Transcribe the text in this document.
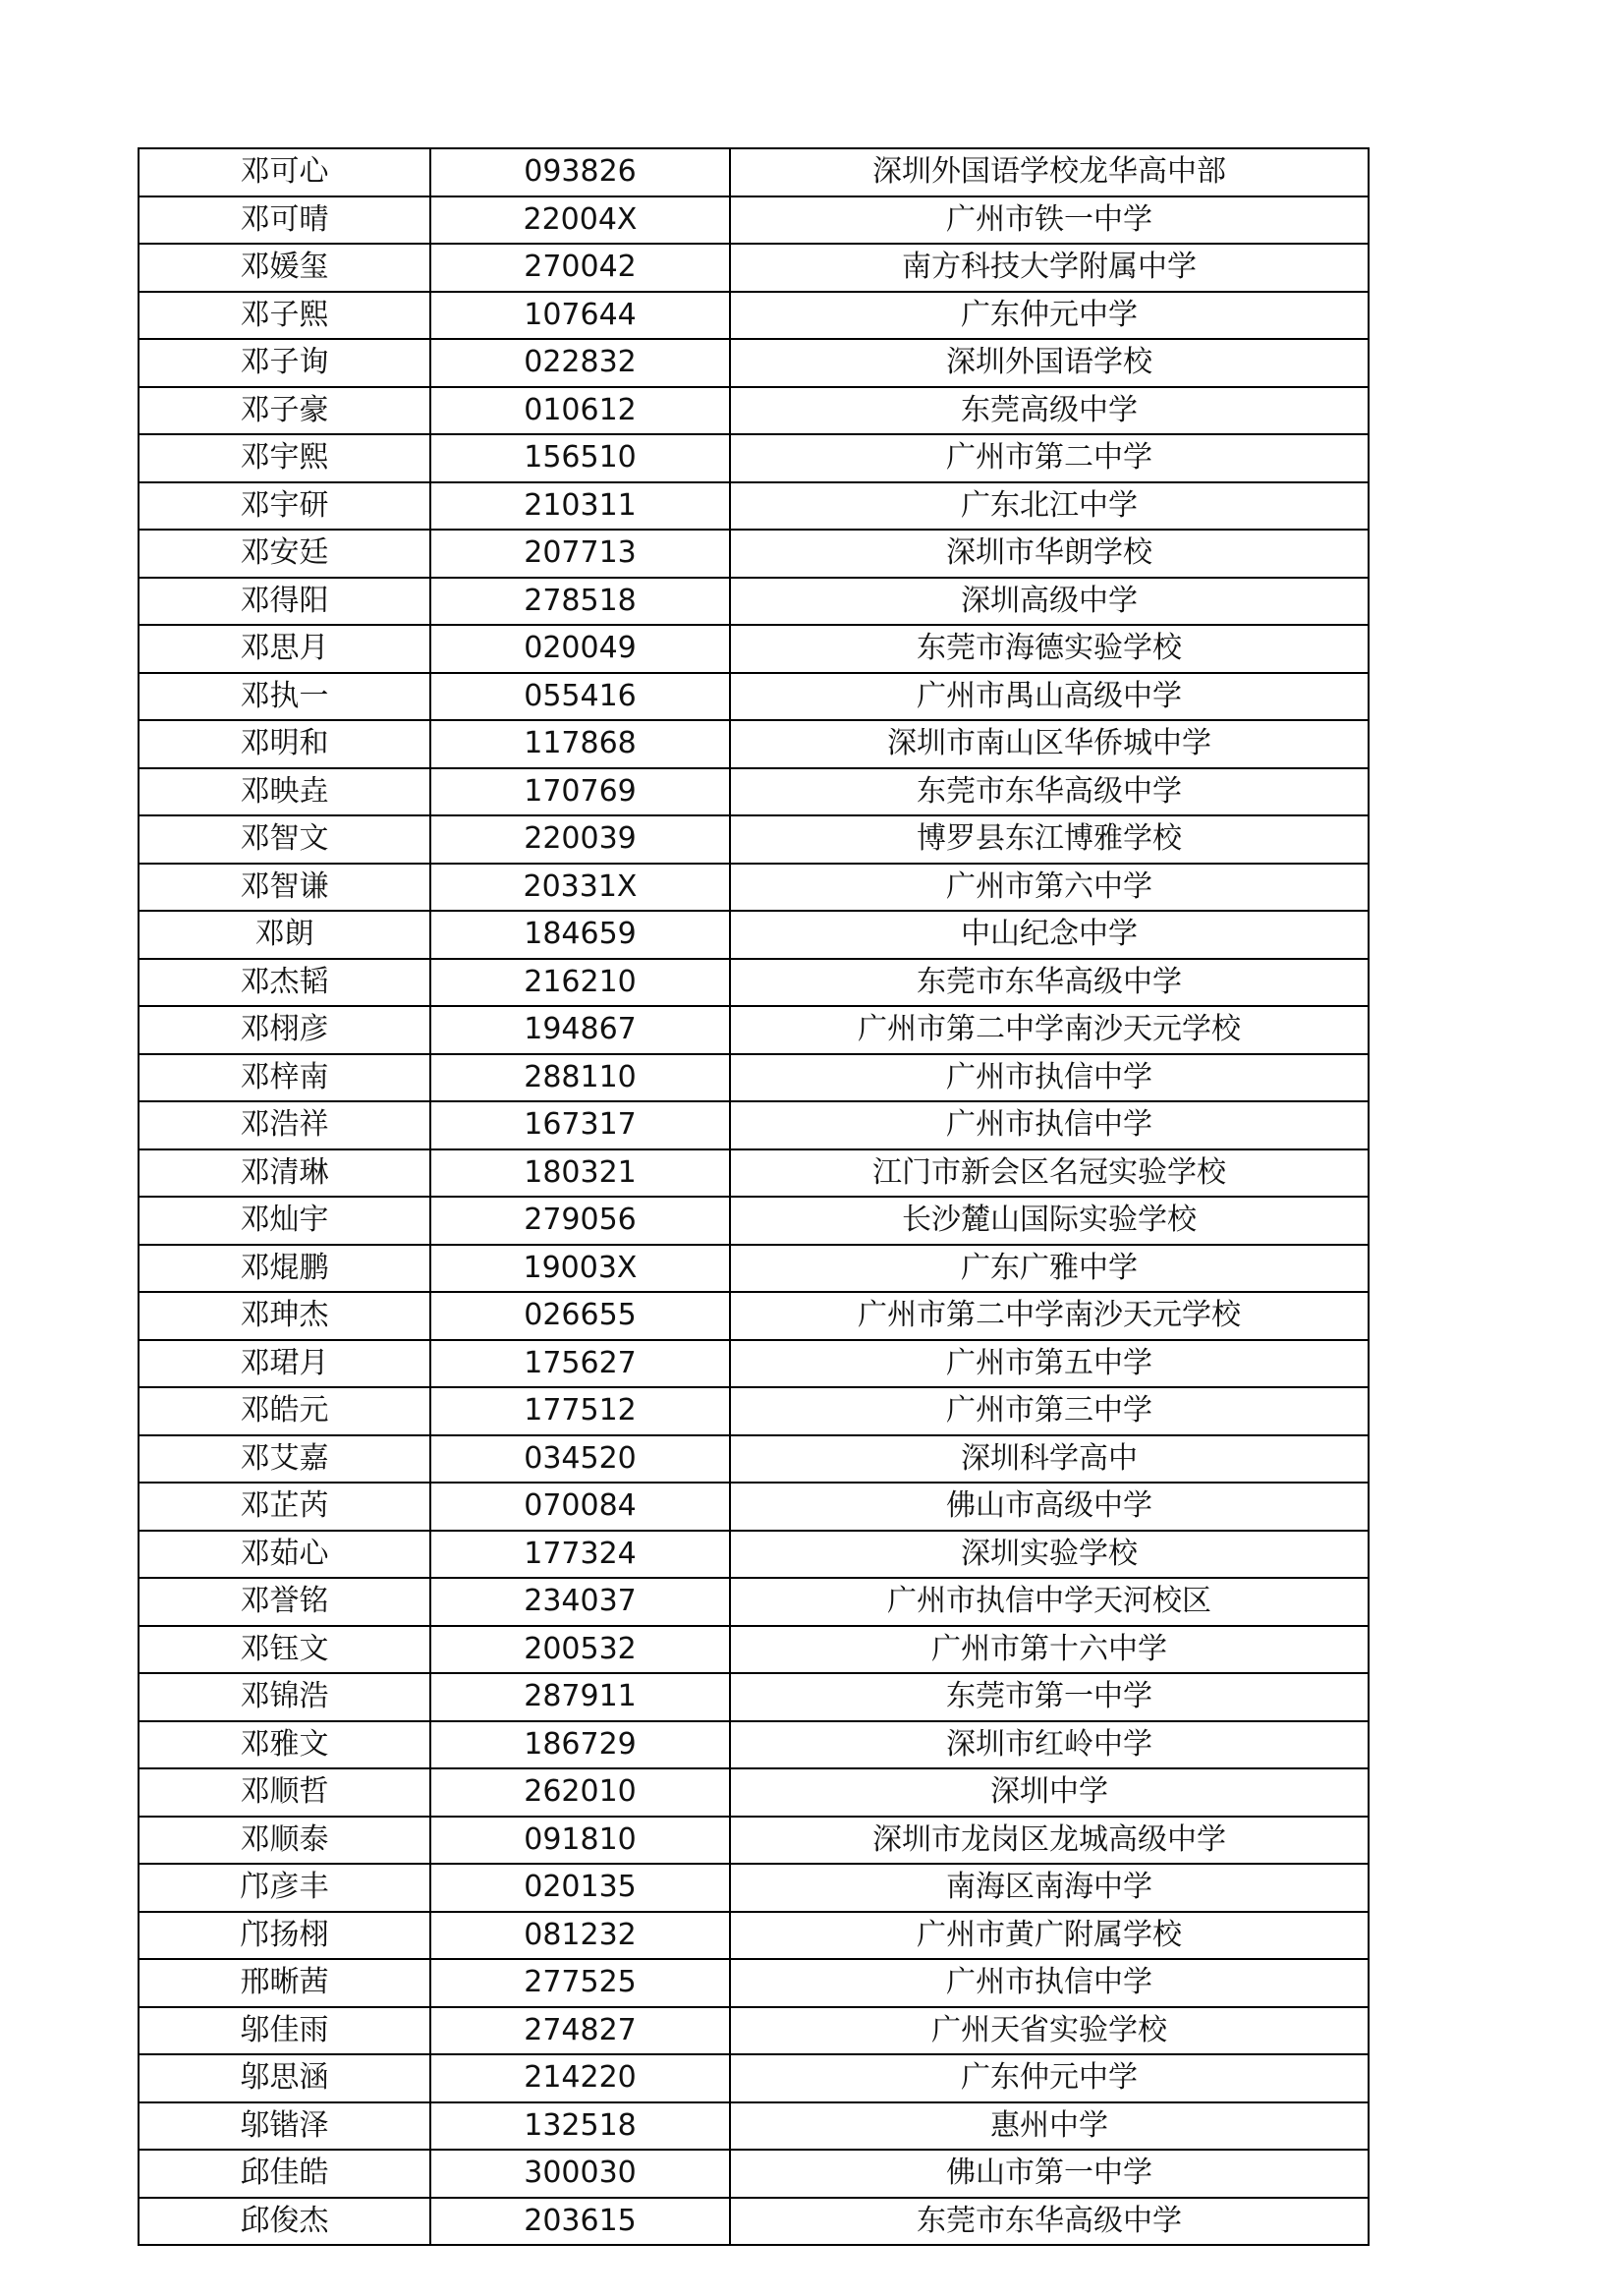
邓可心	093826	深圳外国语学校龙华高中部
邓可晴	22004X	广州市铁一中学
邓媛玺	270042	南方科技大学附属中学
邓子熙	107644	广东仲元中学
邓子询	022832	深圳外国语学校
邓子豪	010612	东莞高级中学
邓宇熙	156510	广州市第二中学
邓宇研	210311	广东北江中学
邓安廷	207713	深圳市华朗学校
邓得阳	278518	深圳高级中学
邓思月	020049	东莞市海德实验学校
邓执一	055416	广州市禺山高级中学
邓明和	117868	深圳市南山区华侨城中学
邓映垚	170769	东莞市东华高级中学
邓智文	220039	博罗县东江博雅学校
邓智谦	20331X	广州市第六中学
邓朗	184659	中山纪念中学
邓杰韬	216210	东莞市东华高级中学
邓栩彦	194867	广州市第二中学南沙天元学校
邓梓南	288110	广州市执信中学
邓浩祥	167317	广州市执信中学
邓清琳	180321	江门市新会区名冠实验学校
邓灿宇	279056	长沙麓山国际实验学校
邓焜鹏	19003X	广东广雅中学
邓珅杰	026655	广州市第二中学南沙天元学校
邓珺月	175627	广州市第五中学
邓皓元	177512	广州市第三中学
邓艾嘉	034520	深圳科学高中
邓芷芮	070084	佛山市高级中学
邓茹心	177324	深圳实验学校
邓誉铭	234037	广州市执信中学天河校区
邓钰文	200532	广州市第十六中学
邓锦浩	287911	东莞市第一中学
邓雅文	186729	深圳市红岭中学
邓顺哲	262010	深圳中学
邓顺泰	091810	深圳市龙岗区龙城高级中学
邝彦丰	020135	南海区南海中学
邝扬栩	081232	广州市黄广附属学校
邢晰茜	277525	广州市执信中学
邬佳雨	274827	广州天省实验学校
邬思涵	214220	广东仲元中学
邬锴泽	132518	惠州中学
邱佳皓	300030	佛山市第一中学
邱俊杰	203615	东莞市东华高级中学
